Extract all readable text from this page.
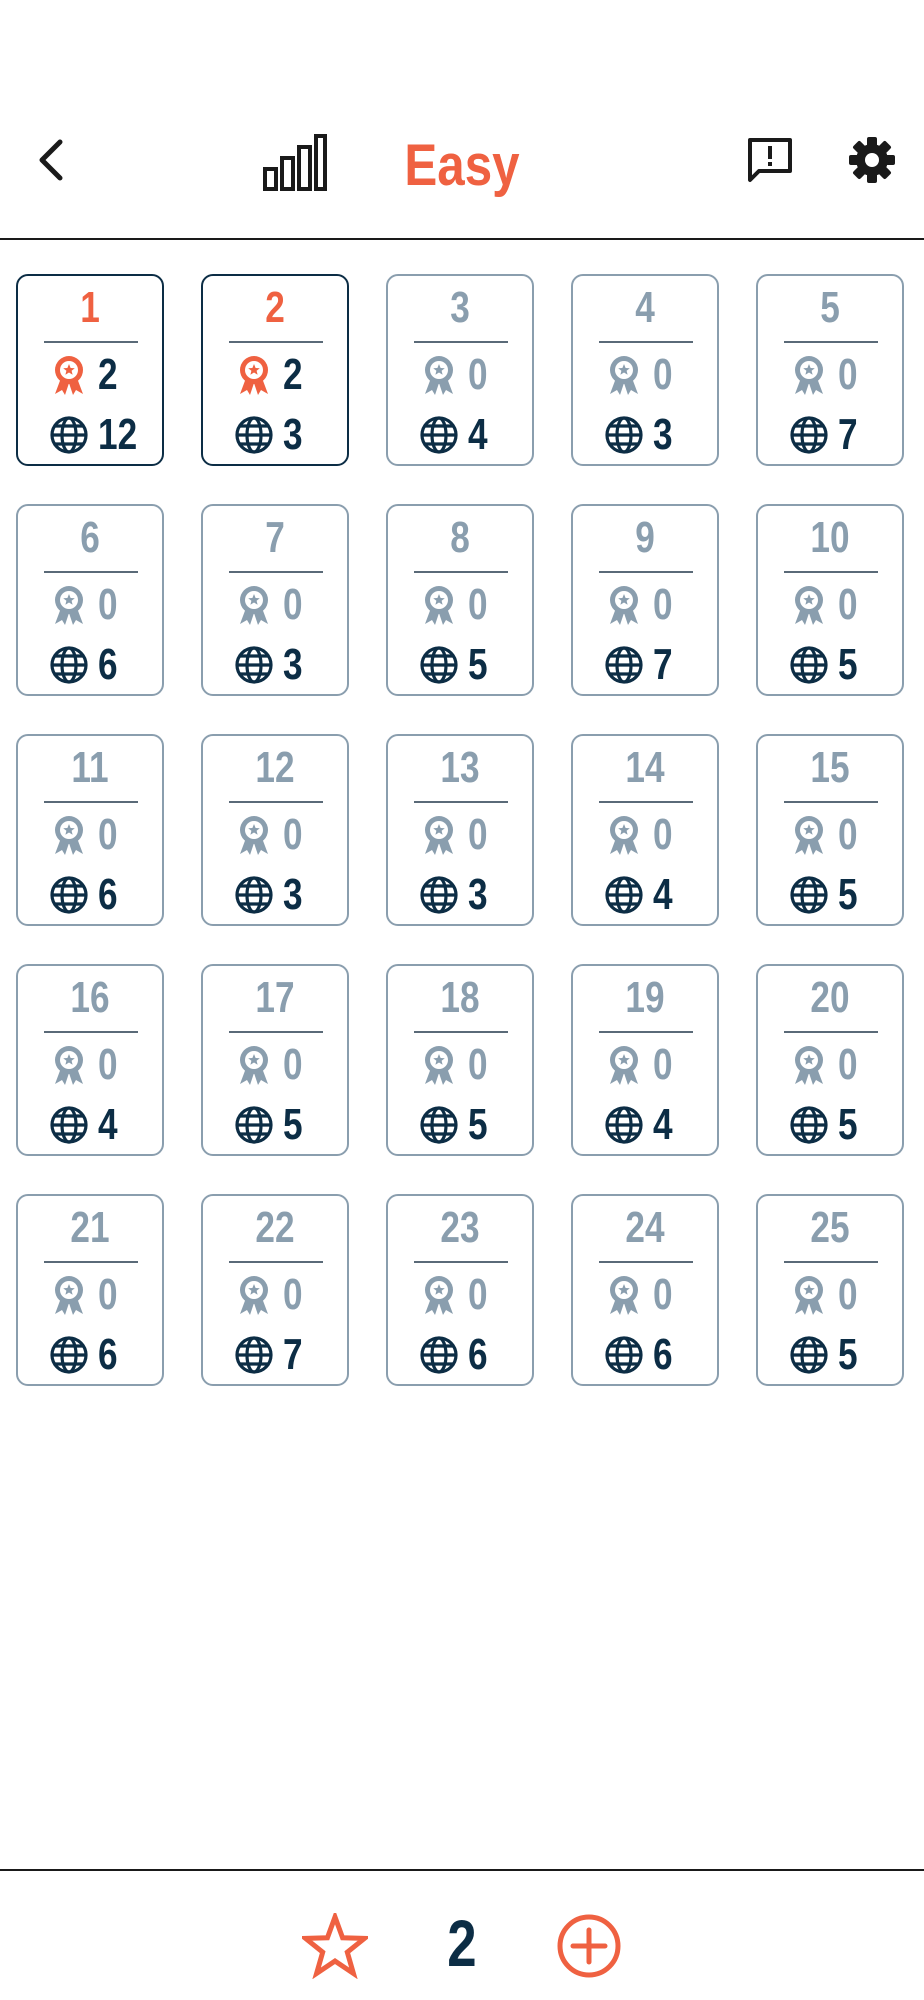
Easy
1
2
12
2
2
3
3
0
4
4
0
3
5
0
7
6
0
6
7
0
3
8
0
5
9
0
7
10
0
5
11
0
6
12
0
3
13
0
3
14
0
4
15
0
5
16
0
4
17
0
5
18
0
5
19
0
4
20
0
5
21
0
6
22
0
7
23
0
6
24
0
6
25
0
5
2
